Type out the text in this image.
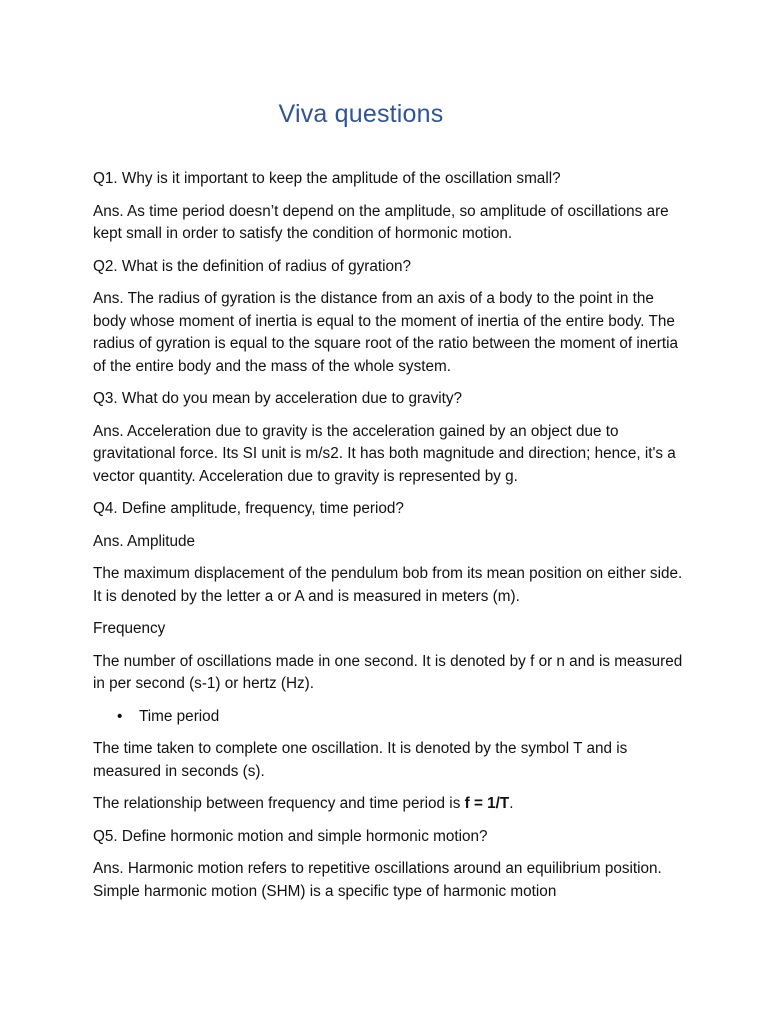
Viva questions

Q1. Why is it important to keep the amplitude of the oscillation small?

Ans. As time period doesn’t depend on the amplitude, so amplitude of oscillations are kept small in order to satisfy the condition of hormonic motion.

Q2. What is the definition of radius of gyration?

Ans. The radius of gyration is the distance from an axis of a body to the point in the body whose moment of inertia is equal to the moment of inertia of the entire body. The radius of gyration is equal to the square root of the ratio between the moment of inertia of the entire body and the mass of the whole system.

Q3. What do you mean by acceleration due to gravity?

Ans. Acceleration due to gravity is the acceleration gained by an object due to gravitational force. Its SI unit is m/s2. It has both magnitude and direction; hence, it's a vector quantity. Acceleration due to gravity is represented by g.

Q4. Define amplitude, frequency, time period?

Ans. Amplitude

The maximum displacement of the pendulum bob from its mean position on either side. It is denoted by the letter a or A and is measured in meters (m).

Frequency

The number of oscillations made in one second. It is denoted by f or n and is measured in per second (s-1) or hertz (Hz).

• Time period

The time taken to complete one oscillation. It is denoted by the symbol T and is measured in seconds (s).

The relationship between frequency and time period is f = 1/T.

Q5. Define hormonic motion and simple hormonic motion?

Ans. Harmonic motion refers to repetitive oscillations around an equilibrium position. Simple harmonic motion (SHM) is a specific type of harmonic motion
